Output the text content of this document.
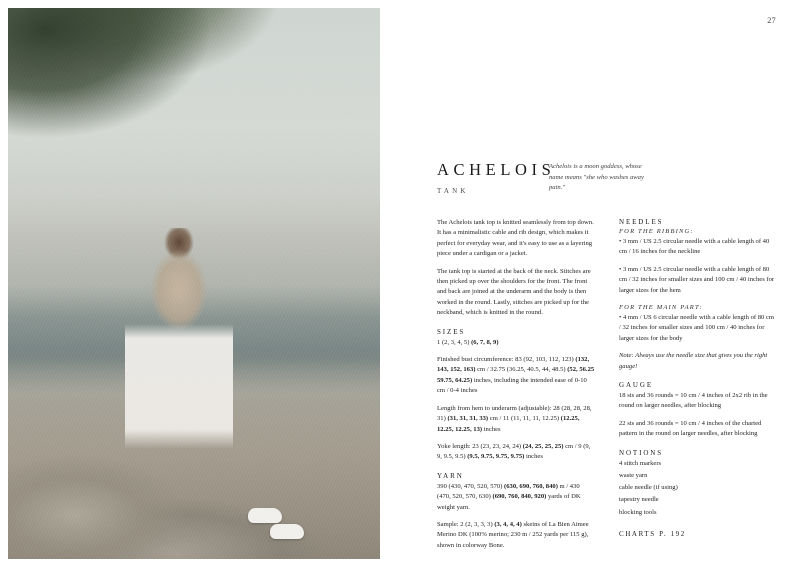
27
ACHELOIS
TANK
Achelois is a moon goddess, whose name means "she who washes away pain."
The Achelois tank top is knitted seamlessly from top down. It has a minimalistic cable and rib design, which makes it perfect for everyday wear, and it's easy to use as a layering piece under a cardigan or a jacket.
The tank top is started at the back of the neck. Stitches are then picked up over the shoulders for the front. The front and back are joined at the underarm and the body is then worked in the round. Lastly, stitches are picked up for the neckband, which is knitted in the round.
SIZES
1 (2, 3, 4, 5) (6, 7, 8, 9)
Finished bust circumference: 83 (92, 103, 112, 123) (132, 143, 152, 163) cm / 32.75 (36.25, 40.5, 44, 48.5) (52, 56.25 59.75, 64.25) inches, including the intended ease of 0-10 cm / 0-4 inches
Length from hem to underarm (adjustable): 28 (28, 28, 28, 31) (31, 31, 31, 33) cm / 11 (11, 11, 11, 12.25) (12.25, 12.25, 12.25, 13) inches
Yoke length: 23 (23, 23, 24, 24) (24, 25, 25, 25) cm / 9 (9, 9, 9.5, 9.5) (9.5, 9.75, 9.75, 9.75) inches
YARN
390 (430, 470, 520, 570) (630, 690, 760, 840) m / 430 (470, 520, 570, 630) (690, 760, 840, 920) yards of DK weight yarn.
Sample: 2 (2, 3, 3, 3) (3, 4, 4, 4) skeins of La Bien Aimee Merino DK (100% merino; 230 m / 252 yards per 115 g), shown in colorway Bone.
NEEDLES
FOR THE RIBBING:
• 3 mm / US 2.5 circular needle with a cable length of 40 cm / 16 inches for the neckline
• 3 mm / US 2.5 circular needle with a cable length of 80 cm / 32 inches for smaller sizes and 100 cm / 40 inches for larger sizes for the hem
FOR THE MAIN PART:
• 4 mm / US 6 circular needle with a cable length of 80 cm / 32 inches for smaller sizes and 100 cm / 40 inches for larger sizes for the body
Note: Always use the needle size that gives you the right gauge!
GAUGE
18 sts and 36 rounds = 10 cm / 4 inches of 2x2 rib in the round on larger needles, after blocking
22 sts and 36 rounds = 10 cm / 4 inches of the charted pattern in the round on larger needles, after blocking
NOTIONS
4 stitch markers
waste yarn
cable needle (if using)
tapestry needle
blocking tools
CHARTS P. 192
